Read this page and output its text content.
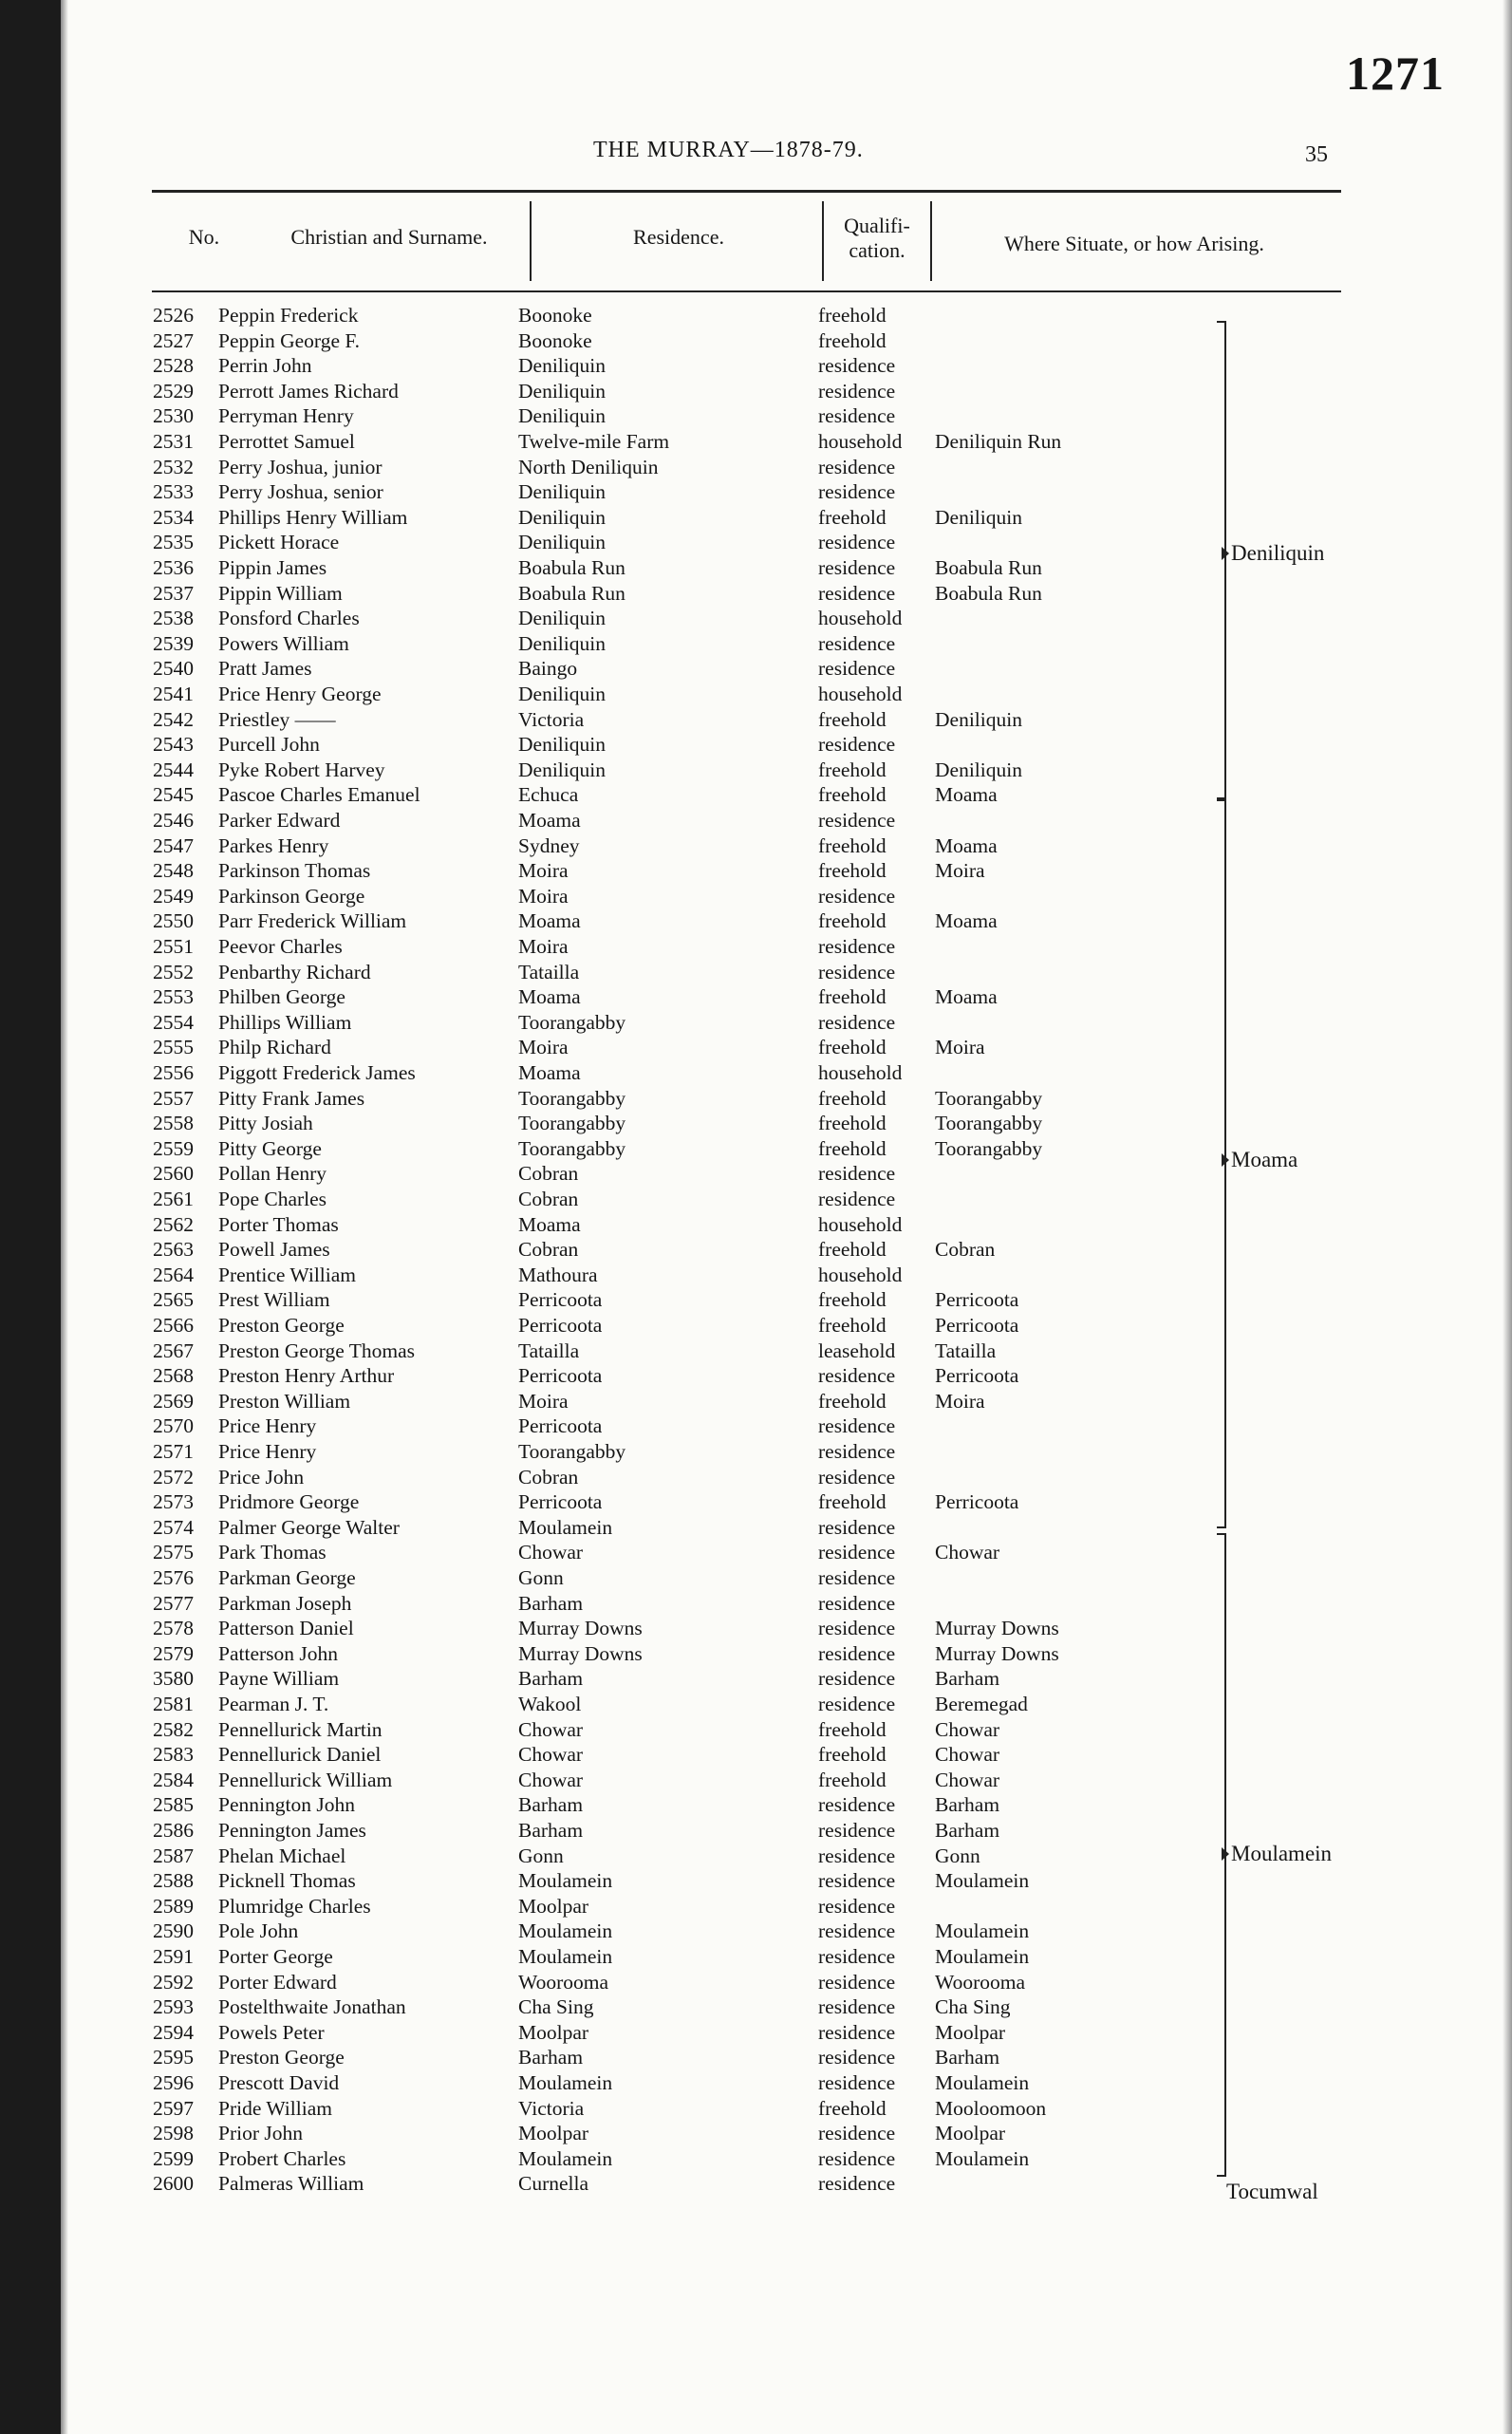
1271
THE MURRAY—1878-79.	35
No.	Christian and Surname.	Residence.	Qualifi-
cation.	Where Situate, or how Arising.
2526 Peppin Frederick	Boonoke	freehold
2527 Peppin George F.	Boonoke	freehold
2528 Perrin John	Deniliquin	residence
2529 Perrott James Richard	Deniliquin	residence
2530 Perryman Henry	Deniliquin	residence
2531 Perrottet Samuel	Twelve-mile Farm	household Deniliquin Run
2532 Perry Joshua, junior	North Deniliquin	residence
2533 Perry Joshua, senior	Deniliquin	residence
2534 Phillips Henry William	Deniliquin	freehold Deniliquin
2535 Pickett Horace	Deniliquin	residence
2536 Pippin James	Boabula Run	residence Boabula Run
2537 Pippin William	Boabula Run	residence Boabula Run
2538 Ponsford Charles	Deniliquin	household
2539 Powers William	Deniliquin	residence
2540 Pratt James	Baingo	residence
2541 Price Henry George	Deniliquin	household
2542 Priestley ——	Victoria	freehold Deniliquin
2543 Purcell John	Deniliquin	residence
2544 Pyke Robert Harvey	Deniliquin	freehold Deniliquin
2545 Pascoe Charles Emanuel	Echuca	freehold Moama
2546 Parker Edward	Moama	residence
2547 Parkes Henry	Sydney	freehold Moama
2548 Parkinson Thomas	Moira	freehold Moira
2549 Parkinson George	Moira	residence
2550 Parr Frederick William	Moama	freehold Moama
2551 Peevor Charles	Moira	residence
2552 Penbarthy Richard	Tatailla	residence
2553 Philben George	Moama	freehold Moama
2554 Phillips William	Toorangabby	residence
2555 Philp Richard	Moira	freehold Moira
2556 Piggott Frederick James	Moama	household
2557 Pitty Frank James	Toorangabby	freehold Toorangabby
2558 Pitty Josiah	Toorangabby	freehold Toorangabby
2559 Pitty George	Toorangabby	freehold Toorangabby
2560 Pollan Henry	Cobran	residence
2561 Pope Charles	Cobran	residence
2562 Porter Thomas	Moama	household
2563 Powell James	Cobran	freehold Cobran
2564 Prentice William	Mathoura	household
2565 Prest William	Perricoota	freehold Perricoota
2566 Preston George	Perricoota	freehold Perricoota
2567 Preston George Thomas	Tatailla	leasehold Tatailla
2568 Preston Henry Arthur	Perricoota	residence Perricoota
2569 Preston William	Moira	freehold Moira
2570 Price Henry	Perricoota	residence
2571 Price Henry	Toorangabby	residence
2572 Price John	Cobran	residence
2573 Pridmore George	Perricoota	freehold Perricoota
2574 Palmer George Walter	Moulamein	residence
2575 Park Thomas	Chowar	residence Chowar
2576 Parkman George	Gonn	residence
2577 Parkman Joseph	Barham	residence
2578 Patterson Daniel	Murray Downs	residence Murray Downs
2579 Patterson John	Murray Downs	residence Murray Downs
3580 Payne William	Barham	residence Barham
2581 Pearman J. T.	Wakool	residence Beremegad
2582 Pennellurick Martin	Chowar	freehold Chowar
2583 Pennellurick Daniel	Chowar	freehold Chowar
2584 Pennellurick William	Chowar	freehold Chowar
2585 Pennington John	Barham	residence Barham
2586 Pennington James	Barham	residence Barham
2587 Phelan Michael	Gonn	residence Gonn
2588 Picknell Thomas	Moulamein	residence Moulamein
2589 Plumridge Charles	Moolpar	residence
2590 Pole John	Moulamein	residence Moulamein
2591 Porter George	Moulamein	residence Moulamein
2592 Porter Edward	Woorooma	residence Woorooma
2593 Postelthwaite Jonathan	Cha Sing	residence Cha Sing
2594 Powels Peter	Moolpar	residence Moolpar
2595 Preston George	Barham	residence Barham
2596 Prescott David	Moulamein	residence Moulamein
2597 Pride William	Victoria	freehold Mooloomoon
2598 Prior John	Moolpar	residence Moolpar
2599 Probert Charles	Moulamein	residence Moulamein
2600 Palmeras William	Curnella	residence
Deniliquin
Moama
Moulamein
Tocumwal
